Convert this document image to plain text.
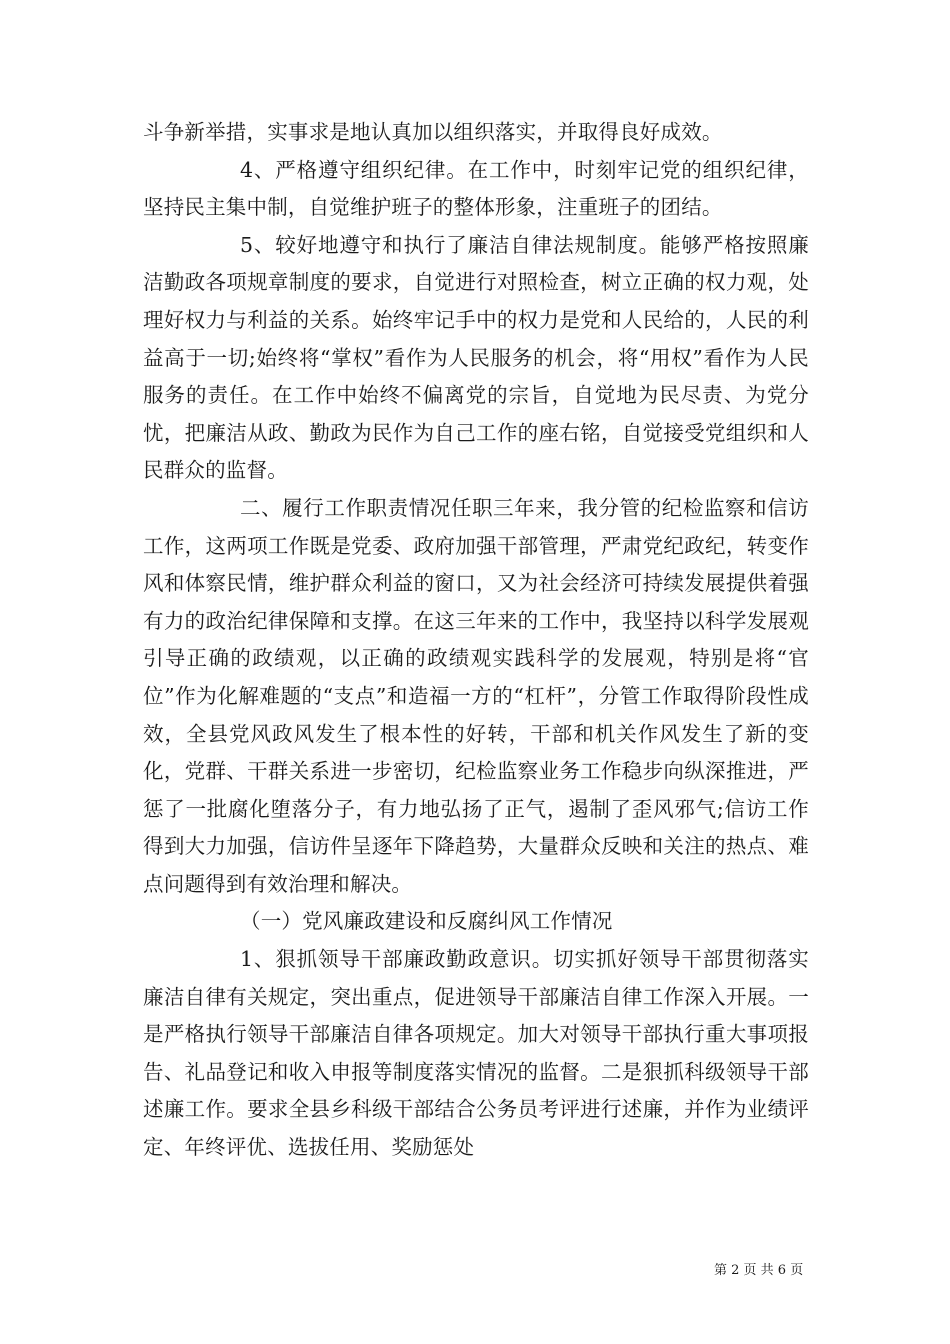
斗争新举措，实事求是地认真加以组织落实，并取得良好成效。

4、严格遵守组织纪律。在工作中，时刻牢记党的组织纪律，坚持民主集中制，自觉维护班子的整体形象，注重班子的团结。

5、较好地遵守和执行了廉洁自律法规制度。能够严格按照廉洁勤政各项规章制度的要求，自觉进行对照检查，树立正确的权力观，处理好权力与利益的关系。始终牢记手中的权力是党和人民给的，人民的利益高于一切;始终将“掌权”看作为人民服务的机会，将“用权”看作为人民服务的责任。在工作中始终不偏离党的宗旨，自觉地为民尽责、为党分忧，把廉洁从政、勤政为民作为自己工作的座右铭，自觉接受党组织和人民群众的监督。

二、履行工作职责情况任职三年来，我分管的纪检监察和信访工作，这两项工作既是党委、政府加强干部管理，严肃党纪政纪，转变作风和体察民情，维护群众利益的窗口，又为社会经济可持续发展提供着强有力的政治纪律保障和支撑。在这三年来的工作中，我坚持以科学发展观引导正确的政绩观，以正确的政绩观实践科学的发展观，特别是将“官位”作为化解难题的“支点”和造福一方的“杠杆”，分管工作取得阶段性成效，全县党风政风发生了根本性的好转，干部和机关作风发生了新的变化，党群、干群关系进一步密切，纪检监察业务工作稳步向纵深推进，严惩了一批腐化堕落分子，有力地弘扬了正气，遏制了歪风邪气;信访工作得到大力加强，信访件呈逐年下降趋势，大量群众反映和关注的热点、难点问题得到有效治理和解决。

（一）党风廉政建设和反腐纠风工作情况

1、狠抓领导干部廉政勤政意识。切实抓好领导干部贯彻落实廉洁自律有关规定，突出重点，促进领导干部廉洁自律工作深入开展。一是严格执行领导干部廉洁自律各项规定。加大对领导干部执行重大事项报告、礼品登记和收入申报等制度落实情况的监督。二是狠抓科级领导干部述廉工作。要求全县乡科级干部结合公务员考评进行述廉，并作为业绩评定、年终评优、选拔任用、奖励惩处

第 2 页 共 6 页
